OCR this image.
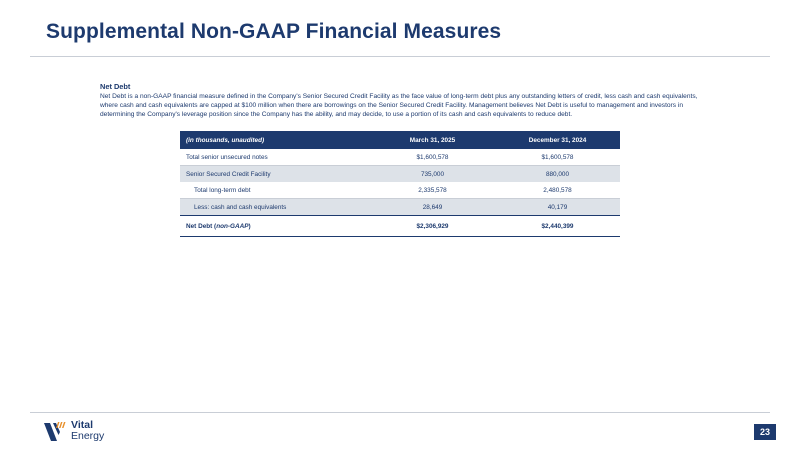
Supplemental Non-GAAP Financial Measures
Net Debt
Net Debt is a non-GAAP financial measure defined in the Company's Senior Secured Credit Facility as the face value of long-term debt plus any outstanding letters of credit, less cash and cash equivalents, where cash and cash equivalents are capped at $100 million when there are borrowings on the Senior Secured Credit Facility. Management believes Net Debt is useful to management and investors in determining the Company's leverage position since the Company has the ability, and may decide, to use a portion of its cash and cash equivalents to reduce debt.
(in thousands, unaudited)	March 31, 2025	December 31, 2024
Total senior unsecured notes	$1,600,578	$1,600,578
Senior Secured Credit Facility	735,000	880,000
Total long-term debt	2,335,578	2,480,578
Less: cash and cash equivalents	28,649	40,179
Net Debt (non-GAAP)	$2,306,929	$2,440,399
Vital
Energy	23
